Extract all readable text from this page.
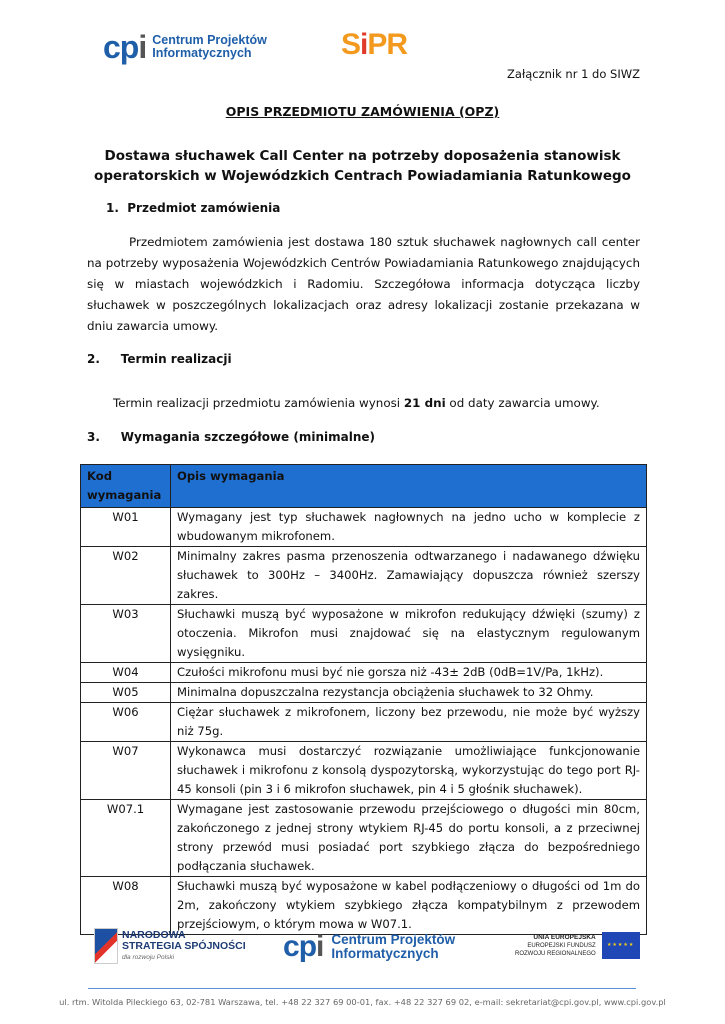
cpi Centrum Projektów
Informatycznych	SiPR
Załącznik nr 1 do SIWZ
OPIS PRZEDMIOTU ZAMÓWIENIA (OPZ)
Dostawa słuchawek Call Center na potrzeby doposażenia stanowisk
operatorskich w Wojewódzkich Centrach Powiadamiania Ratunkowego
1.  Przedmiot zamówienia
Przedmiotem zamówienia jest dostawa 180 sztuk słuchawek nagłownych call center na potrzeby wyposażenia Wojewódzkich Centrów Powiadamiania Ratunkowego znajdujących się w miastach wojewódzkich i Radomiu. Szczegółowa informacja dotycząca liczby słuchawek w poszczególnych lokalizacjach oraz adresy lokalizacji zostanie przekazana w dniu zawarcia umowy.
2.     Termin realizacji
Termin realizacji przedmiotu zamówienia wynosi 21 dni od daty zawarcia umowy.
3.     Wymagania szczegółowe (minimalne)
Kod wymagania	Opis wymagania
W01	Wymagany jest typ słuchawek nagłownych na jedno ucho w komplecie z wbudowanym mikrofonem.
W02	Minimalny zakres pasma przenoszenia odtwarzanego i nadawanego dźwięku słuchawek to 300Hz – 3400Hz. Zamawiający dopuszcza również szerszy zakres.
W03	Słuchawki muszą być wyposażone w mikrofon redukujący dźwięki (szumy) z otoczenia. Mikrofon musi znajdować się na elastycznym regulowanym wysięgniku.
W04	Czułości mikrofonu musi być nie gorsza niż -43± 2dB (0dB=1V/Pa, 1kHz).
W05	Minimalna dopuszczalna rezystancja obciążenia słuchawek to 32 Ohmy.
W06	Ciężar słuchawek z mikrofonem, liczony bez przewodu, nie może być wyższy niż 75g.
W07	Wykonawca musi dostarczyć rozwiązanie umożliwiające funkcjonowanie słuchawek i mikrofonu z konsolą dyspozytorską, wykorzystując do tego port RJ-45 konsoli (pin 3 i 6 mikrofon słuchawek, pin 4 i 5 głośnik słuchawek).
W07.1	Wymagane jest zastosowanie przewodu przejściowego o długości min 80cm, zakończonego z jednej strony wtykiem RJ-45 do portu konsoli, a z przeciwnej strony przewód musi posiadać port szybkiego złącza do bezpośredniego podłączania słuchawek.
W08	Słuchawki muszą być wyposażone w kabel podłączeniowy o długości od 1m do 2m, zakończony wtykiem szybkiego złącza kompatybilnym z przewodem przejściowym, o którym mowa w W07.1.
NARODOWA
STRATEGIA SPÓJNOŚCI
dla rozwoju Polski	cpi Centrum Projektów
Informatycznych
UNIA EUROPEJSKA
EUROPEJSKI FUNDUSZ
ROZWOJU REGIONALNEGO
★★★★★
ul. rtm. Witolda Pileckiego 63, 02-781 Warszawa, tel. +48 22 327 69 00-01, fax. +48 22 327 69 02, e-mail: sekretariat@cpi.gov.pl, www.cpi.gov.pl
